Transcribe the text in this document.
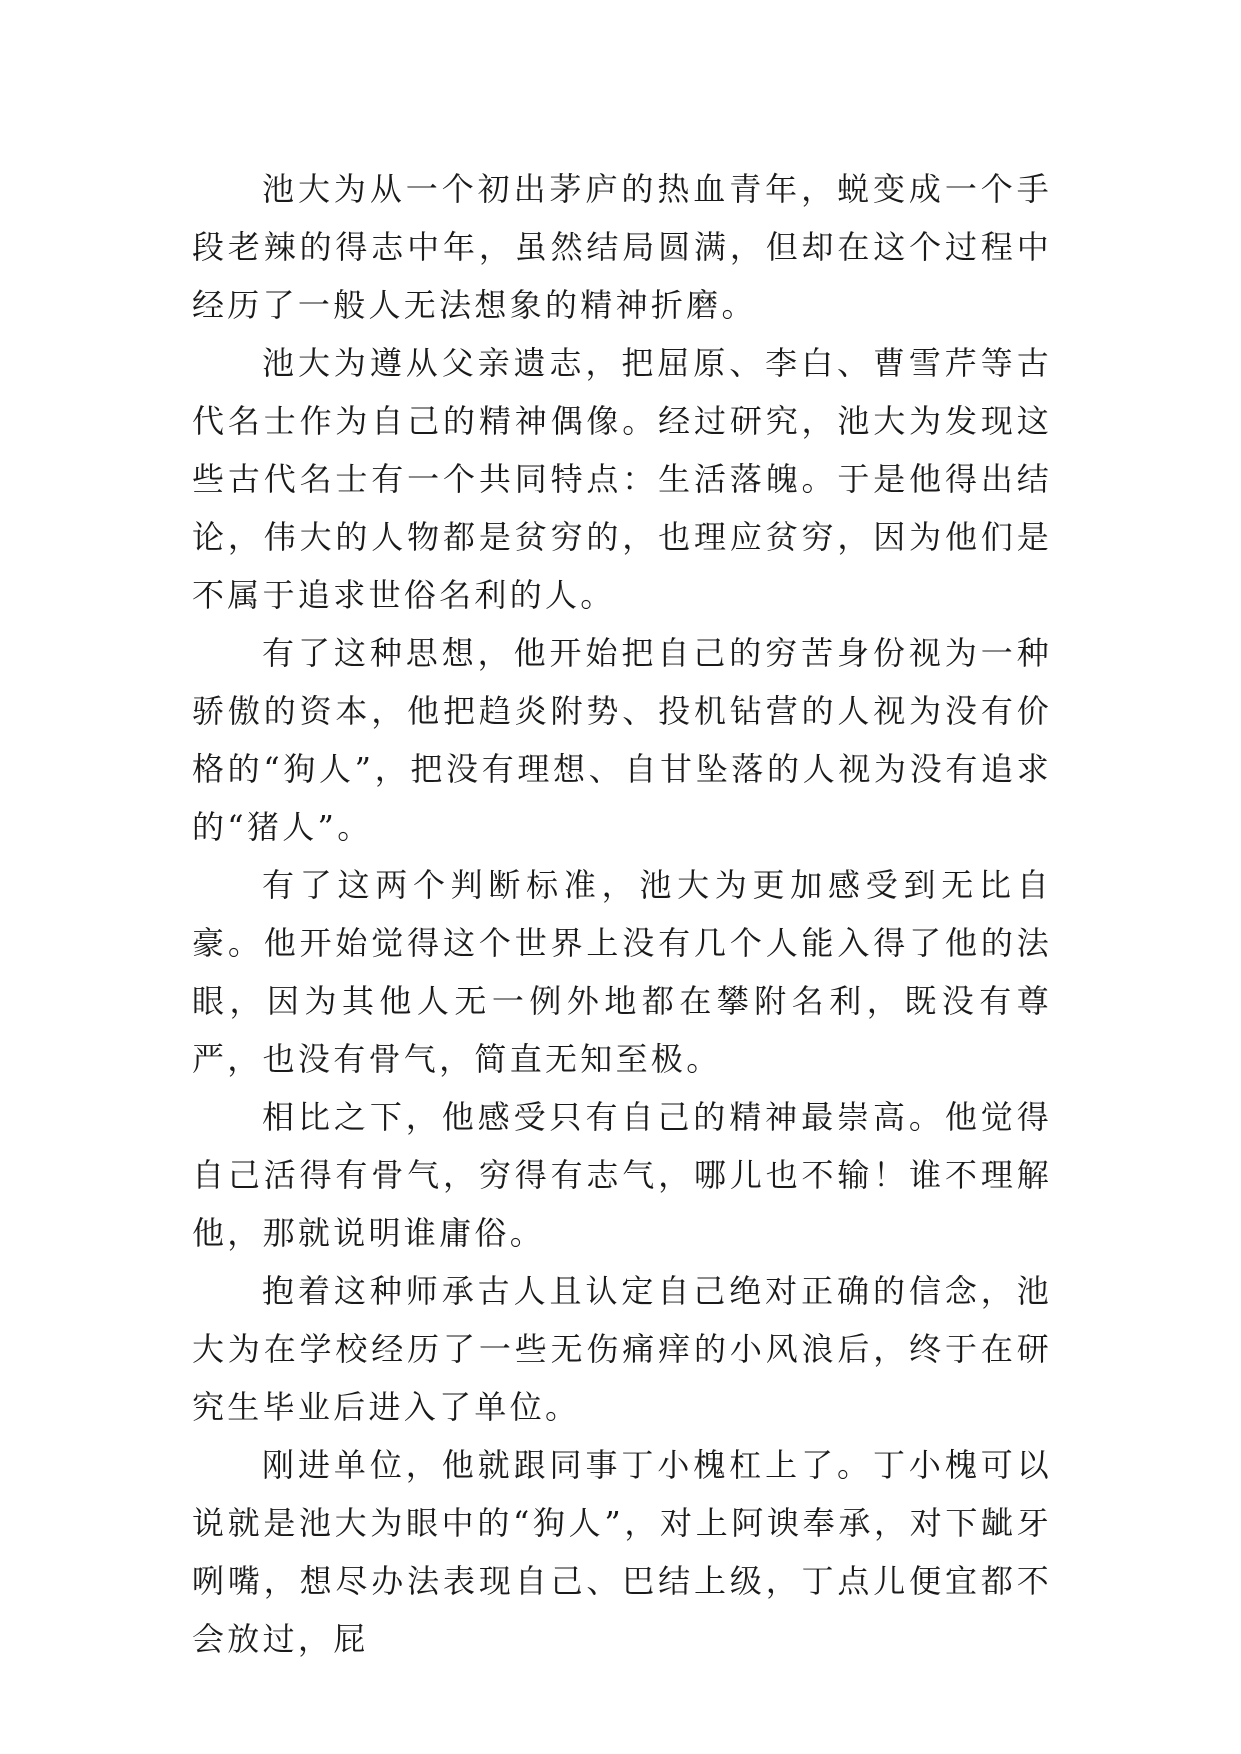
池大为从一个初出茅庐的热血青年，蜕变成一个手段老辣的得志中年，虽然结局圆满，但却在这个过程中经历了一般人无法想象的精神折磨。

池大为遵从父亲遗志，把屈原、李白、曹雪芹等古代名士作为自己的精神偶像。经过研究，池大为发现这些古代名士有一个共同特点：生活落魄。于是他得出结论，伟大的人物都是贫穷的，也理应贫穷，因为他们是不属于追求世俗名利的人。

有了这种思想，他开始把自己的穷苦身份视为一种骄傲的资本，他把趋炎附势、投机钻营的人视为没有价格的“狗人”，把没有理想、自甘坠落的人视为没有追求的“猪人”。

有了这两个判断标准，池大为更加感受到无比自豪。他开始觉得这个世界上没有几个人能入得了他的法眼，因为其他人无一例外地都在攀附名利，既没有尊严，也没有骨气，简直无知至极。

相比之下，他感受只有自己的精神最崇高。他觉得自己活得有骨气，穷得有志气，哪儿也不输！谁不理解他，那就说明谁庸俗。

抱着这种师承古人且认定自己绝对正确的信念，池大为在学校经历了一些无伤痛痒的小风浪后，终于在研究生毕业后进入了单位。

刚进单位，他就跟同事丁小槐杠上了。丁小槐可以说就是池大为眼中的“狗人”，对上阿谀奉承，对下龇牙咧嘴，想尽办法表现自己、巴结上级，丁点儿便宜都不会放过，屁
